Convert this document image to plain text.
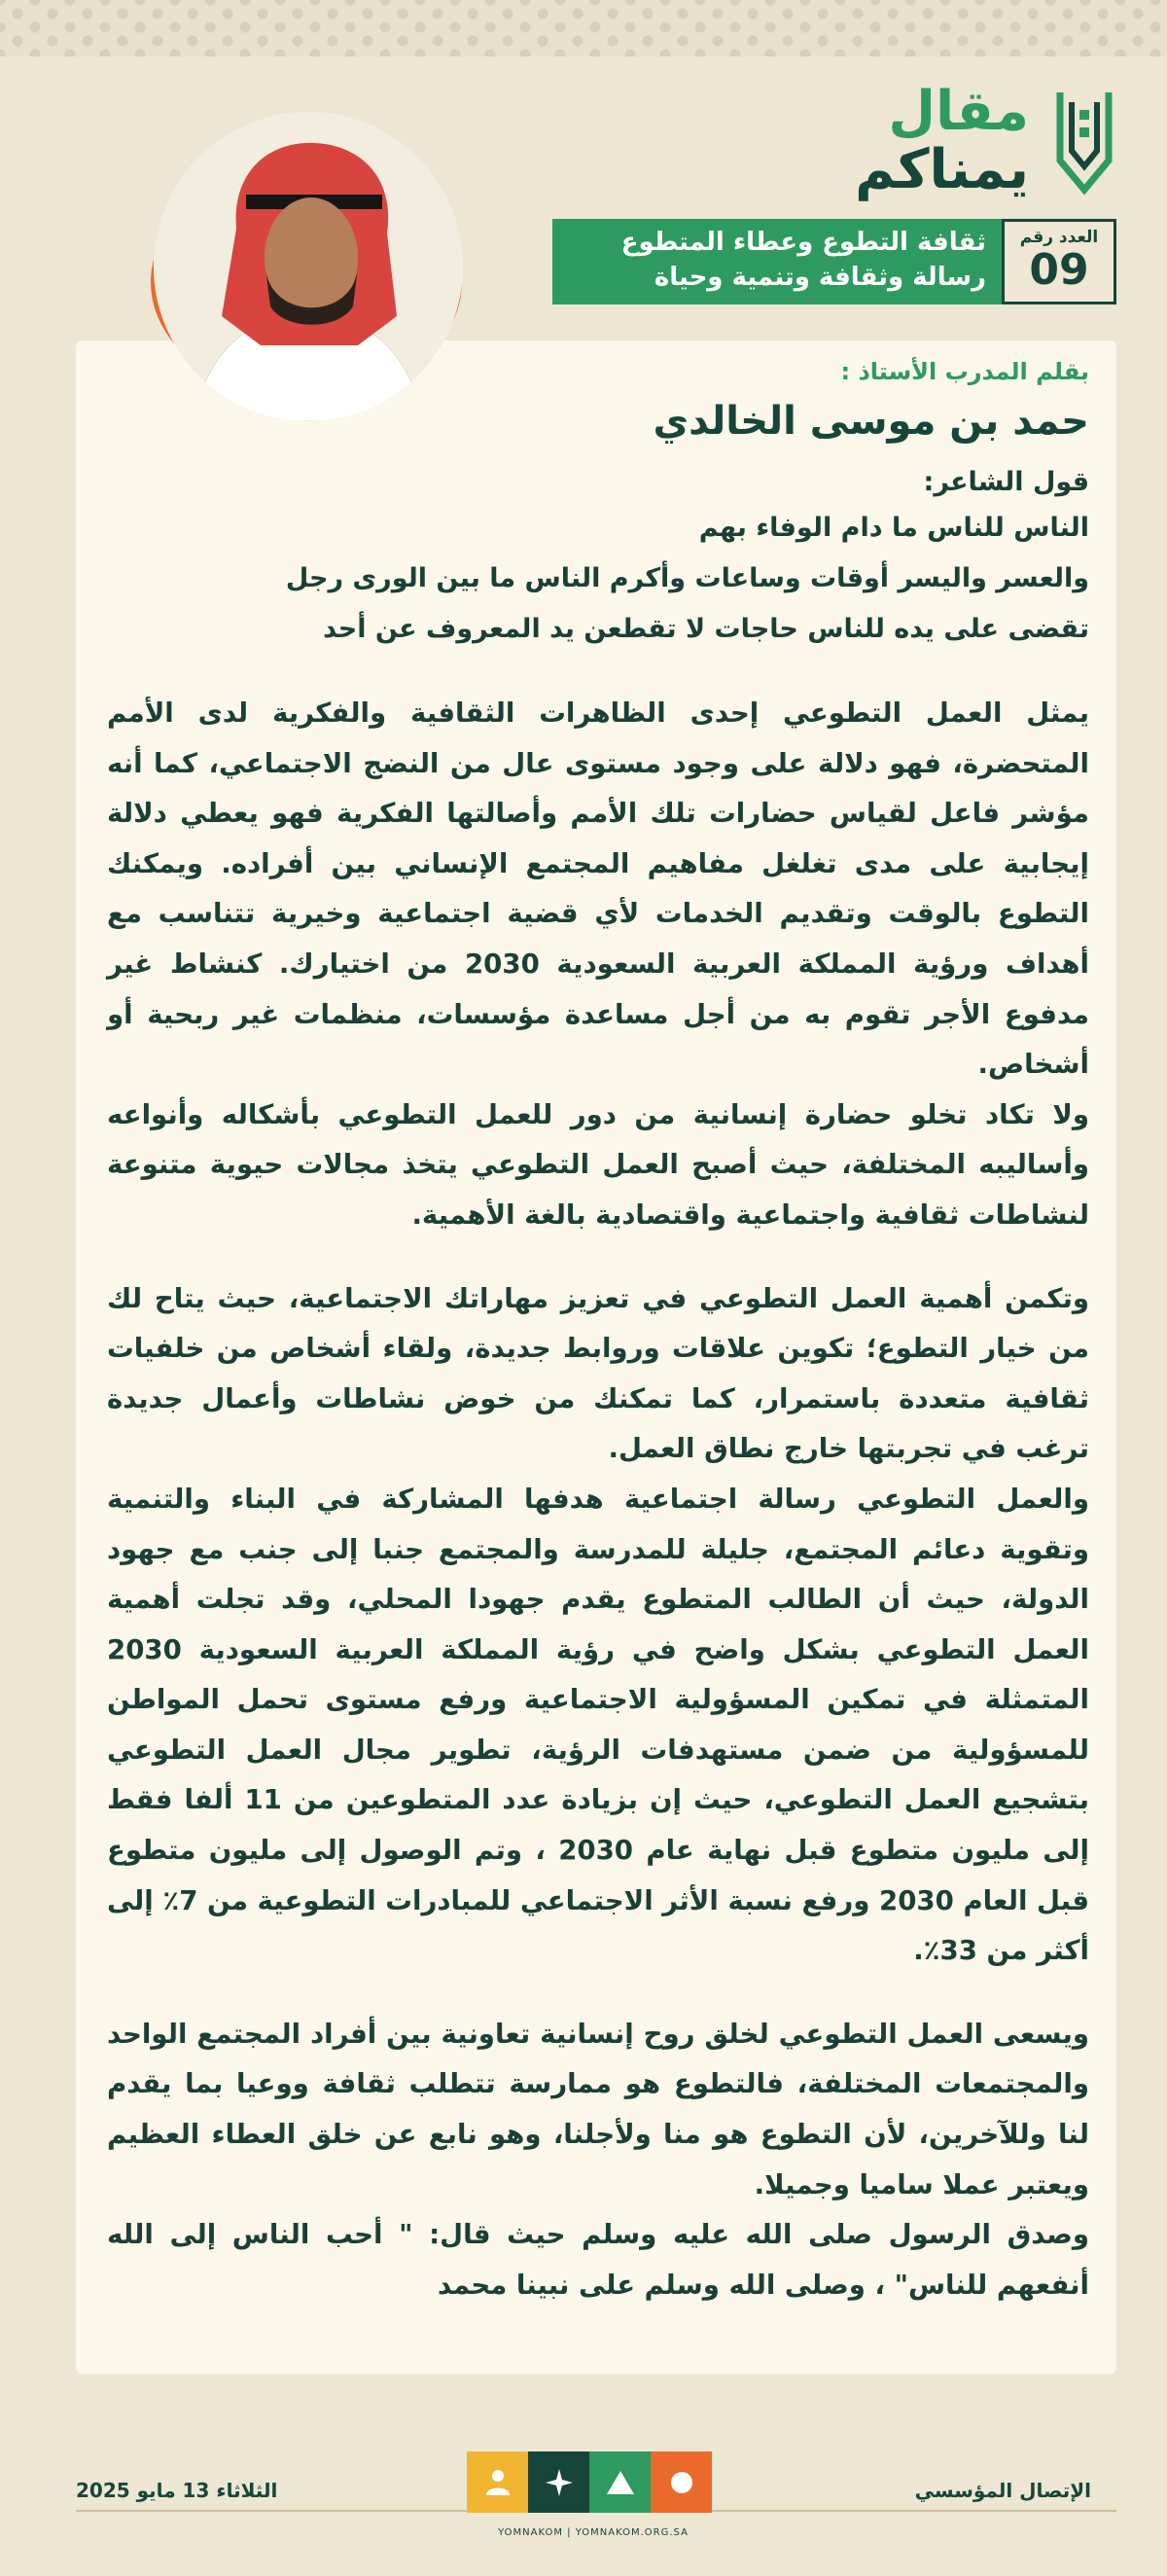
مقال
يمناكم
العدد رقم
09
ثقافة التطوع وعطاء المتطوع
رسالة وثقافة وتنمية وحياة

بقلم المدرب الأستاذ :

حمد بن موسى الخالدي

قول الشاعر:

الناس للناس ما دام الوفاء بهم

والعسر واليسر أوقات وساعات وأكرم الناس ما بين الورى رجل

تقضى على يده للناس حاجات لا تقطعن يد المعروف عن أحد

يمثل العمل التطوعي إحدى الظاهرات الثقافية والفكرية لدى الأمم المتحضرة، فهو دلالة على وجود مستوى عال من النضج الاجتماعي، كما أنه مؤشر فاعل لقياس حضارات تلك الأمم وأصالتها الفكرية فهو يعطي دلالة إيجابية على مدى تغلغل مفاهيم المجتمع الإنساني بين أفراده. ويمكنك التطوع بالوقت وتقديم الخدمات لأي قضية اجتماعية وخيرية تتناسب مع أهداف ورؤية المملكة العربية السعودية 2030 من اختيارك. كنشاط غير مدفوع الأجر تقوم به من أجل مساعدة مؤسسات، منظمات غير ربحية أو أشخاص.

ولا تكاد تخلو حضارة إنسانية من دور للعمل التطوعي بأشكاله وأنواعه وأساليبه المختلفة، حيث أصبح العمل التطوعي يتخذ مجالات حيوية متنوعة لنشاطات ثقافية واجتماعية واقتصادية بالغة الأهمية.

وتكمن أهمية العمل التطوعي في تعزيز مهاراتك الاجتماعية، حيث يتاح لك من خيار التطوع؛ تكوين علاقات وروابط جديدة، ولقاء أشخاص من خلفيات ثقافية متعددة باستمرار، كما تمكنك من خوض نشاطات وأعمال جديدة ترغب في تجربتها خارج نطاق العمل.

والعمل التطوعي رسالة اجتماعية هدفها المشاركة في البناء والتنمية وتقوية دعائم المجتمع، جليلة للمدرسة والمجتمع جنبا إلى جنب مع جهود الدولة، حيث أن الطالب المتطوع يقدم جهودا المحلي، وقد تجلت أهمية العمل التطوعي بشكل واضح في رؤية المملكة العربية السعودية 2030 المتمثلة في تمكين المسؤولية الاجتماعية ورفع مستوى تحمل المواطن للمسؤولية من ضمن مستهدفات الرؤية، تطوير مجال العمل التطوعي بتشجيع العمل التطوعي، حيث إن بزيادة عدد المتطوعين من 11 ألفا فقط إلى مليون متطوع قبل نهاية عام 2030 ، وتم الوصول إلى مليون متطوع قبل العام 2030 ورفع نسبة الأثر الاجتماعي للمبادرات التطوعية من 7٪ إلى أكثر من 33٪.

ويسعى العمل التطوعي لخلق روح إنسانية تعاونية بين أفراد المجتمع الواحد والمجتمعات المختلفة، فالتطوع هو ممارسة تتطلب ثقافة ووعيا بما يقدم لنا وللآخرين، لأن التطوع هو منا ولأجلنا، وهو نابع عن خلق العطاء العظيم ويعتبر عملا ساميا وجميلا.

وصدق الرسول صلى الله عليه وسلم حيث قال: " أحب الناس إلى الله أنفعهم للناس" ، وصلى الله وسلم على نبينا محمد

الثلاثاء 13 مايو 2025	الإتصال المؤسسي
YOMNAKOM | YOMNAKOM.ORG.SA
